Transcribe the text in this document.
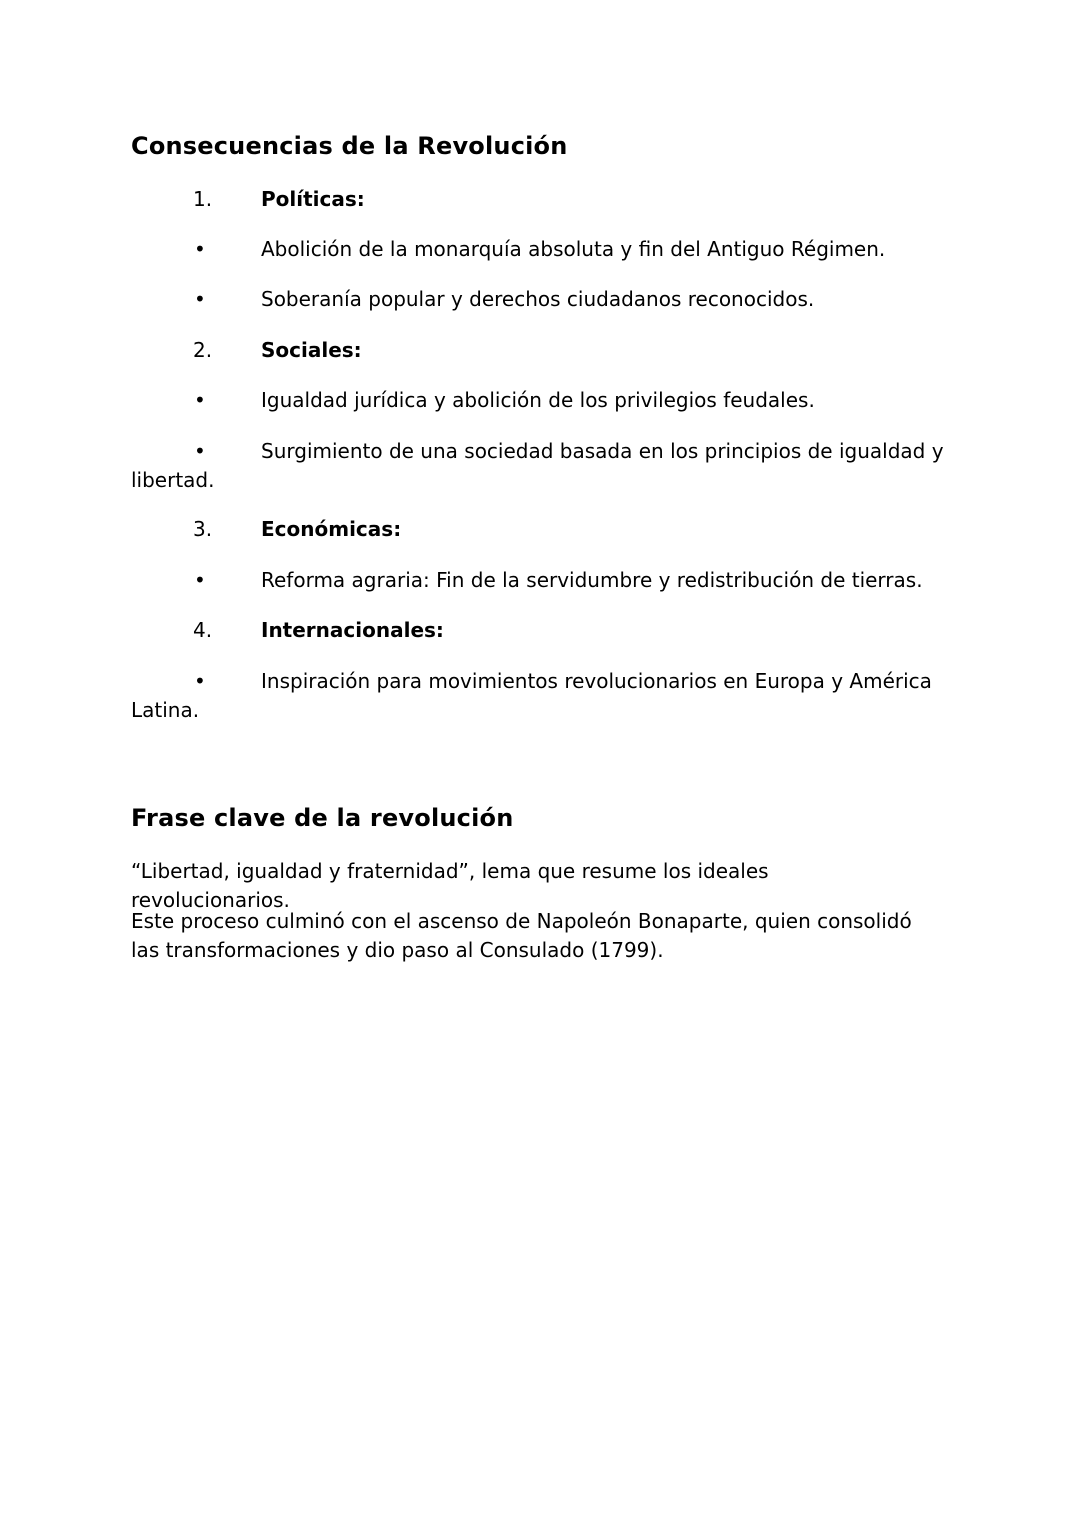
Consecuencias de la Revolución
1.	Políticas:
•	Abolición de la monarquía absoluta y fin del Antiguo Régimen.
•	Soberanía popular y derechos ciudadanos reconocidos.
2.	Sociales:
•	Igualdad jurídica y abolición de los privilegios feudales.
•	Surgimiento de una sociedad basada en los principios de igualdad y libertad.
3.	Económicas:
•	Reforma agraria: Fin de la servidumbre y redistribución de tierras.
4.	Internacionales:
•	Inspiración para movimientos revolucionarios en Europa y América Latina.
Frase clave de la revolución
“Libertad, igualdad y fraternidad”, lema que resume los ideales revolucionarios.
Este proceso culminó con el ascenso de Napoleón Bonaparte, quien consolidó las transformaciones y dio paso al Consulado (1799).
